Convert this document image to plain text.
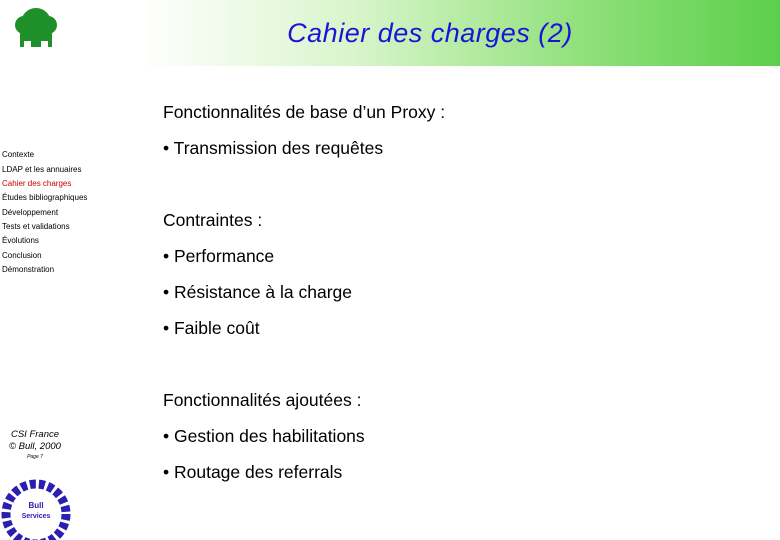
Cahier des charges (2)
Contexte
LDAP et les annuaires
Cahier des charges
Études bibliographiques
Développement
Tests et validations
Évolutions
Conclusion
Démonstration
CSI France
© Bull, 2000
Page 7
Bull
Services
Fonctionnalités de base d’un Proxy :
• Transmission des requêtes
Contraintes :
• Performance
• Résistance à la charge
• Faible coût
Fonctionnalités ajoutées :
• Gestion des habilitations
• Routage des referrals
